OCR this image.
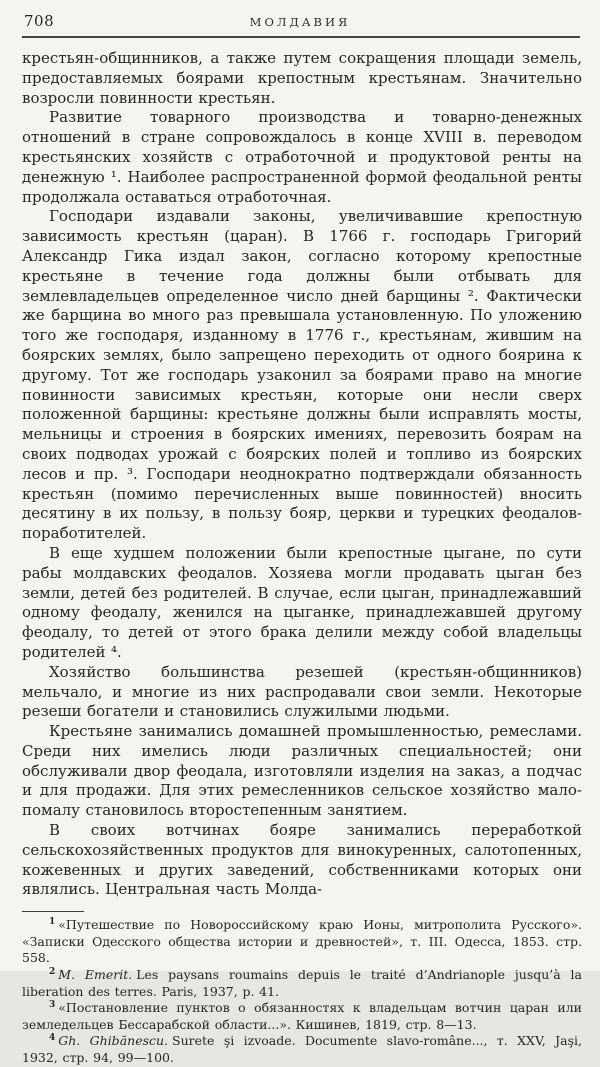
708	МОЛДАВИЯ

крестьян-общинников, а также путем сокращения площади земель, предоставляемых боярами крепостным крестьянам. Значительно возросли повинности крестьян.

Развитие товарного производства и товарно-денежных отношений в стране сопровождалось в конце XVIII в. переводом крестьянских хозяйств с отработочной и продуктовой ренты на денежную ¹. Наиболее распространенной формой феодальной ренты продолжала оставаться отработочная.

Господари издавали законы, увеличивавшие крепостную зависимость крестьян (царан). В 1766 г. господарь Григорий Александр Гика издал закон, согласно которому крепостные крестьяне в течение года должны были отбывать для землевладельцев определенное число дней барщины ². Фактически же барщина во много раз превышала установленную. По уложению того же господаря, изданному в 1776 г., крестьянам, жившим на боярских землях, было запрещено переходить от одного боярина к другому. Тот же господарь узаконил за боярами право на многие повинности зависимых крестьян, которые они несли сверх положенной барщины: крестьяне должны были исправлять мосты, мельницы и строения в боярских имениях, перевозить боярам на своих подводах урожай с боярских полей и топливо из боярских лесов и пр. ³. Господари неоднократно подтверждали обязанность крестьян (помимо перечисленных выше повинностей) вносить десятину в их пользу, в пользу бояр, церкви и турецких феодалов-поработителей.

В еще худшем положении были крепостные цыгане, по сути рабы молдавских феодалов. Хозяева могли продавать цыган без земли, детей без родителей. В случае, если цыган, принадлежавший одному феодалу, женился на цыганке, принадлежавшей другому феодалу, то детей от этого брака делили между собой владельцы родителей ⁴.

Хозяйство большинства резешей (крестьян-общинников) мельчало, и многие из них распродавали свои земли. Некоторые резеши богатели и становились служилыми людьми.

Крестьяне занимались домашней промышленностью, ремеслами. Среди них имелись люди различных специальностей; они обслуживали двор феодала, изготовляли изделия на заказ, а подчас и для продажи. Для этих ремесленников сельское хозяйство мало-помалу становилось второстепенным занятием.

В своих вотчинах бояре занимались переработкой сельскохозяйственных продуктов для винокуренных, салотопенных, кожевенных и других заведений, собственниками которых они являлись. Центральная часть Молда-

$^1$ «Путешествие по Новороссийскому краю Ионы, митрополита Русского». «Записки Одесского общества истории и древностей», т. III. Одесса, 1853. стр. 558.

$^2$ M. Emerit. Les paysans roumains depuis le traité d’Andrianople jusqu’à la liberation des terres. Paris, 1937, p. 41.

$^3$ «Постановление пунктов о обязанностях к владельцам вотчин царан или земледельцев Бессарабской области...». Кишинев, 1819, стр. 8—13.

$^4$ Gh. Ghibănescu. Surete şi izvoade. Documente slavo-române..., т. XXV, Jaşi, 1932, стр. 94, 99—100.
